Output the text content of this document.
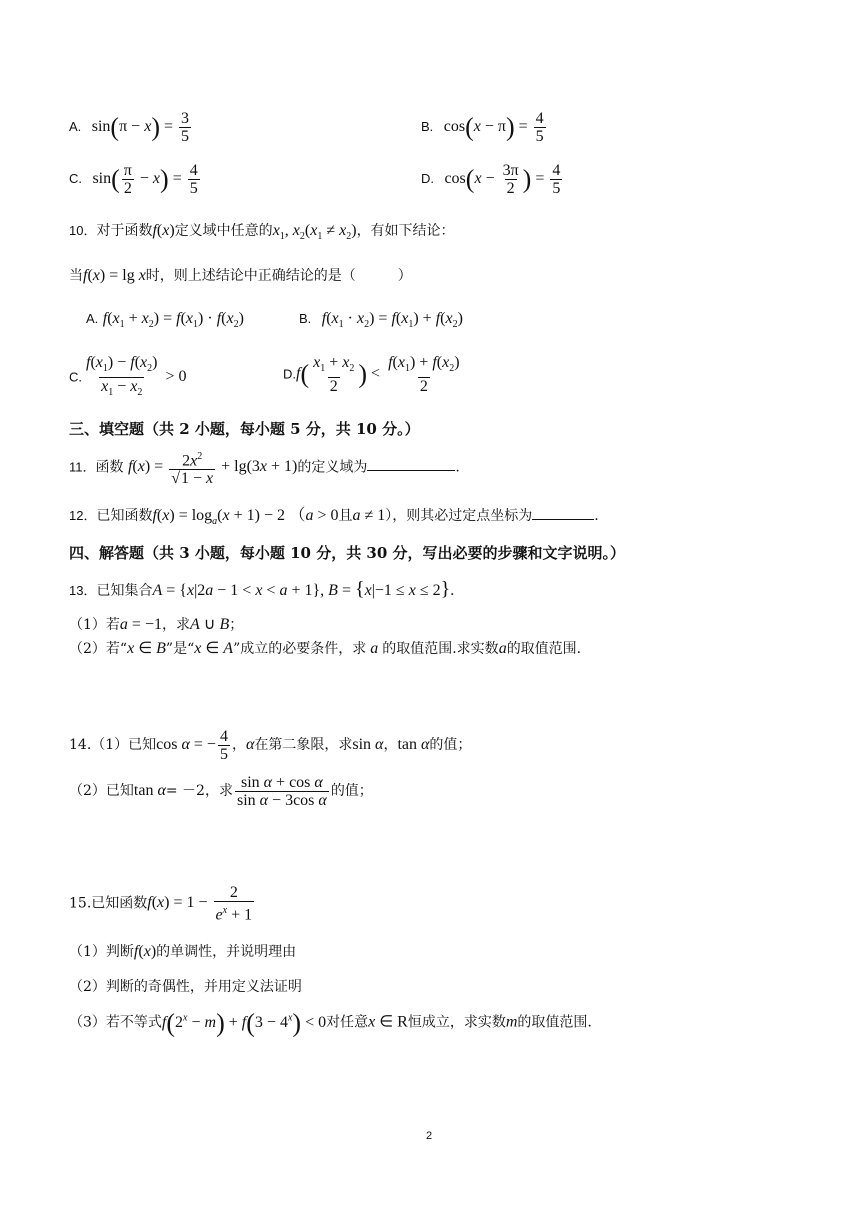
A. $\sin(\pi - x) = \frac{3}{5}$	B. $\cos(x - \pi) = \frac{4}{5}$
C. $\sin( \frac{\pi}{2} - x) = \frac{4}{5}$	D. $\cos(x - \frac{3\pi}{2}$ ) = $\frac{4}{5}$
10．对于函数f(x)定义域中任意的$x_1$, $x_2(x_1 \ne x_2)$，有如下结论：
当f(x) = lg x时，则上述结论中正确结论的是（　　　）
A. $f(x_1 + x_2) = f(x_1) \cdot f(x_2)$	B. $f(x_1 \cdot x_2) = f(x_1) + f(x_2)$
C. $\frac{f(x_1) - f(x_2)}{x_1 - x_2} > 0$	$D.f( \frac{x_1 + x_2}{2}$ ) < $\frac{f(x_1) + f(x_2)}{2}$
三、填空题（共 2 小题，每小题 5 分，共 10 分。）
11．函数 $f(x) = \frac{2x^2}{√1 - x} + \lg(3x + 1)$的定义域为	.
12．已知函数$f(x) = \log_a(x + 1) - 2$ （a > 0且a ≠ 1），则其必过定点坐标为	.
四、解答题（共 3 小题，每小题 10 分，共 30 分，写出必要的步骤和文字说明。）
13．已知集合A = {x|2a − 1 < x < a + 1}, B = {x|−1 ≤ x ≤ 2}.
（1）若a = −1，求A ∪ B；
（2）若“x ∈ B”是“x ∈ A”成立的必要条件，求 a 的取值范围.求实数a的取值范围.
14.（1）已知cos α = − $\frac{4}{5}$ ，α在第二象限，求sin α，tan α的值；
（2）已知tan α= －2，求 $\frac{\text{sin α + cos α}}{\text{sin α − 3cos α}}$ 的值；
15.已知函数$f(x) = 1 - \frac{2}{e^x + 1}$
（1）判断f(x)的单调性，并说明理由
（2）判断的奇偶性，并用定义法证明
（3）若不等式$f(2^x - m) + f(3 - 4^x) < 0$对任意x ∈ R恒成立，求实数m的取值范围.
2
